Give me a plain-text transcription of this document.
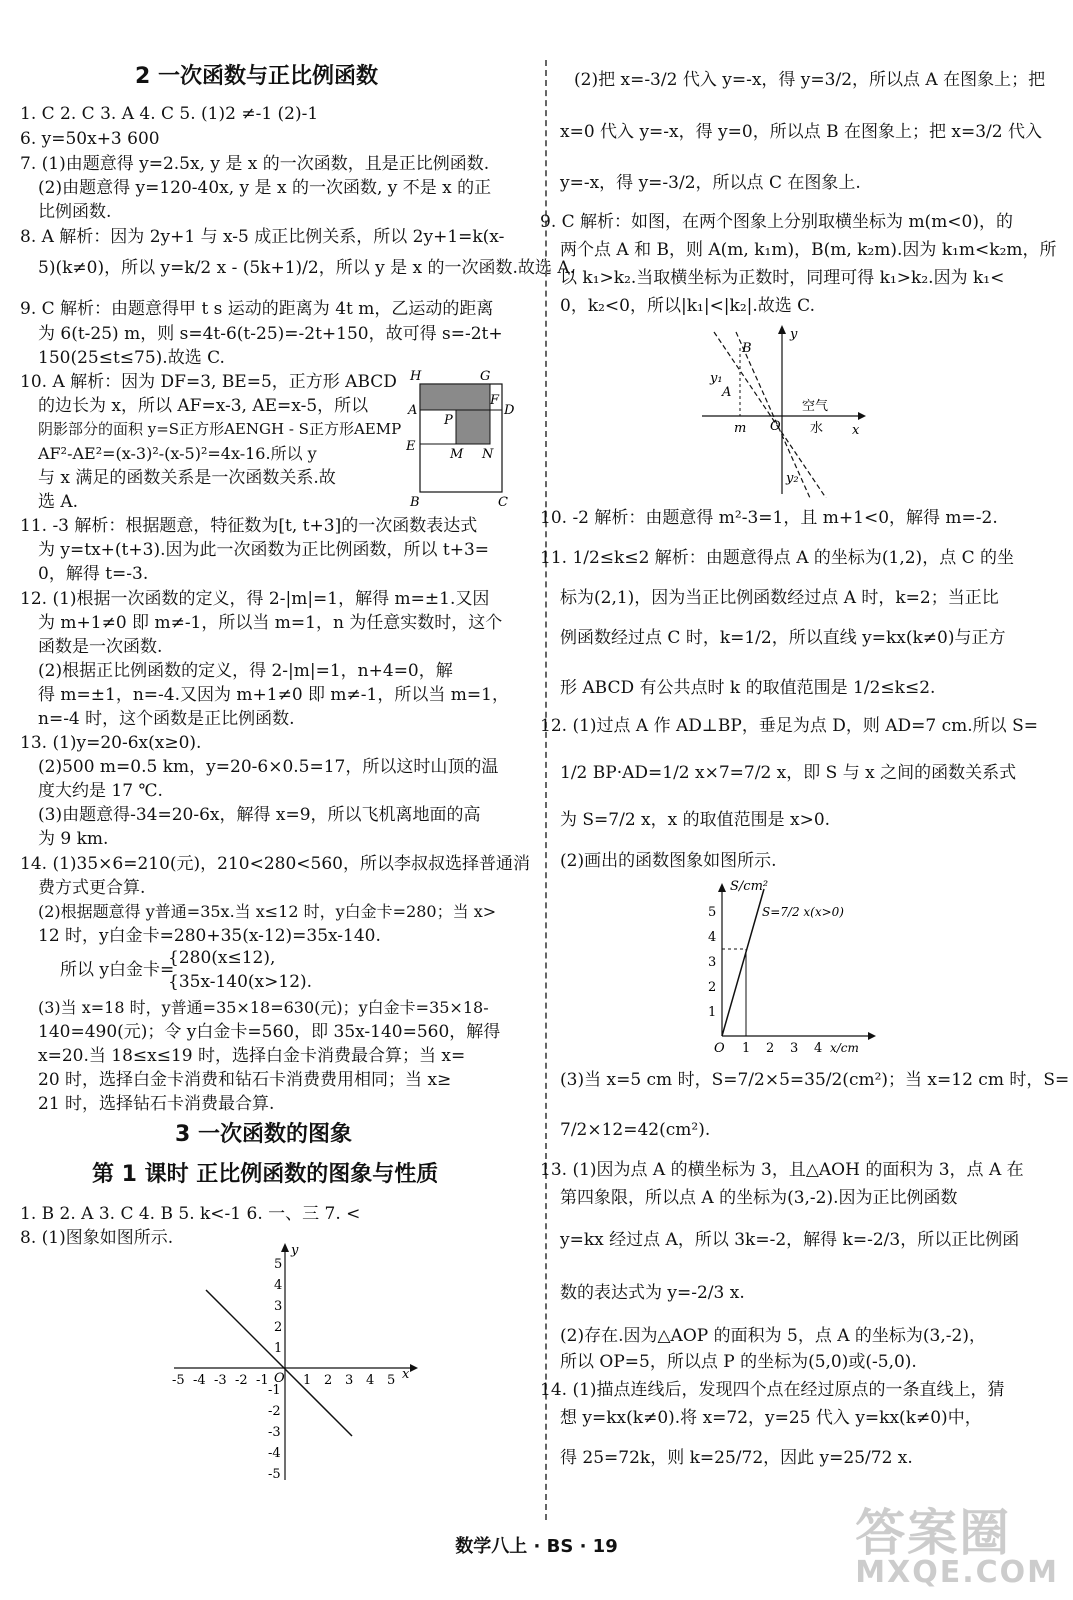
2 一次函数与正比例函数
1. C 2. C 3. A 4. C 5. (1)2 ≠-1 (2)-1
6. y=50x+3 600
7. (1)由题意得 y=2.5x, y 是 x 的一次函数，且是正比例函数.
(2)由题意得 y=120-40x, y 是 x 的一次函数, y 不是 x 的正
比例函数.
8. A 解析：因为 2y+1 与 x-5 成正比例关系，所以 2y+1=k(x-
5)(k≠0)，所以 y=k/2 x - (5k+1)/2，所以 y 是 x 的一次函数.故选 A.
9. C 解析：由题意得甲 t s 运动的距离为 4t m，乙运动的距离
为 6(t-25) m，则 s=4t-6(t-25)=-2t+150，故可得 s=-2t+
150(25≤t≤75).故选 C.
10. A 解析：因为 DF=3, BE=5，正方形 ABCD
的边长为 x，所以 AF=x-3, AE=x-5，所以
阴影部分的面积 y=S正方形AENGH - S正方形AEMP
AF²-AE²=(x-3)²-(x-5)²=4x-16.所以 y
与 x 满足的函数关系是一次函数关系.故
选 A.
H	G
F
A	D
P
E
M N
B	C
11. -3 解析：根据题意，特征数为[t, t+3]的一次函数表达式
为 y=tx+(t+3).因为此一次函数为正比例函数，所以 t+3=
0，解得 t=-3.
12. (1)根据一次函数的定义，得 2-|m|=1，解得 m=±1.又因
为 m+1≠0 即 m≠-1，所以当 m=1，n 为任意实数时，这个
函数是一次函数.
(2)根据正比例函数的定义，得 2-|m|=1，n+4=0，解
得 m=±1，n=-4.又因为 m+1≠0 即 m≠-1，所以当 m=1，
n=-4 时，这个函数是正比例函数.
13. (1)y=20-6x(x≥0).
(2)500 m=0.5 km，y=20-6×0.5=17，所以这时山顶的温
度大约是 17 ℃.
(3)由题意得-34=20-6x，解得 x=9，所以飞机离地面的高
为 9 km.
14. (1)35×6=210(元)，210<280<560，所以李叔叔选择普通消
费方式更合算.
(2)根据题意得 y普通=35x.当 x≤12 时，y白金卡=280；当 x>
12 时，y白金卡=280+35(x-12)=35x-140.
{280(x≤12),
所以 y白金卡=
{35x-140(x>12).
(3)当 x=18 时，y普通=35×18=630(元)；y白金卡=35×18-
140=490(元)；令 y白金卡=560，即 35x-140=560，解得
x=20.当 18≤x≤19 时，选择白金卡消费最合算；当 x=
20 时，选择白金卡消费和钻石卡消费费用相同；当 x≥
21 时，选择钻石卡消费最合算.
3 一次函数的图象
第 1 课时 正比例函数的图象与性质
1. B 2. A 3. C 4. B 5. k<-1 6. 一、三 7. <
8. (1)图象如图所示.
-5 -4 -3 -2 -1	1 2 3 4 5
5
4
3
2
1
-1
-2
-3
-4
-5
O	x
y
(2)把 x=-3/2 代入 y=-x，得 y=3/2，所以点 A 在图象上；把
x=0 代入 y=-x，得 y=0，所以点 B 在图象上；把 x=3/2 代入
y=-x，得 y=-3/2，所以点 C 在图象上.
9. C 解析：如图，在两个图象上分别取横坐标为 m(m<0)，的
两个点 A 和 B，则 A(m, k₁m)，B(m, k₂m).因为 k₁m<k₂m，所
以 k₁>k₂.当取横坐标为正数时，同理可得 k₁>k₂.因为 k₁<
0，k₂<0，所以|k₁|<|k₂|.故选 C.
B
y₁
A
m O
空气
水 x
y
y₂
10. -2 解析：由题意得 m²-3=1，且 m+1<0，解得 m=-2.
11. 1/2≤k≤2 解析：由题意得点 A 的坐标为(1,2)，点 C 的坐
标为(2,1)，因为当正比例函数经过点 A 时，k=2；当正比
例函数经过点 C 时，k=1/2，所以直线 y=kx(k≠0)与正方
形 ABCD 有公共点时 k 的取值范围是 1/2≤k≤2.
12. (1)过点 A 作 AD⊥BP，垂足为点 D，则 AD=7 cm.所以 S=
1/2 BP·AD=1/2 x×7=7/2 x，即 S 与 x 之间的函数关系式
为 S=7/2 x，x 的取值范围是 x>0.
(2)画出的函数图象如图所示.
5
4
3
2
1
1 2 3 4
O
S/cm²
x/cm
S=7/2 x(x>0)
(3)当 x=5 cm 时，S=7/2×5=35/2(cm²)；当 x=12 cm 时，S=
7/2×12=42(cm²).
13. (1)因为点 A 的横坐标为 3，且△AOH 的面积为 3，点 A 在
第四象限，所以点 A 的坐标为(3,-2).因为正比例函数
y=kx 经过点 A，所以 3k=-2，解得 k=-2/3，所以正比例函
数的表达式为 y=-2/3 x.
(2)存在.因为△AOP 的面积为 5，点 A 的坐标为(3,-2)，
所以 OP=5，所以点 P 的坐标为(5,0)或(-5,0).
14. (1)描点连线后，发现四个点在经过原点的一条直线上，猜
想 y=kx(k≠0).将 x=72，y=25 代入 y=kx(k≠0)中，
得 25=72k，则 k=25/72，因此 y=25/72 x.
数学八上 · BS · 19	答案圈
MXQE.COM
